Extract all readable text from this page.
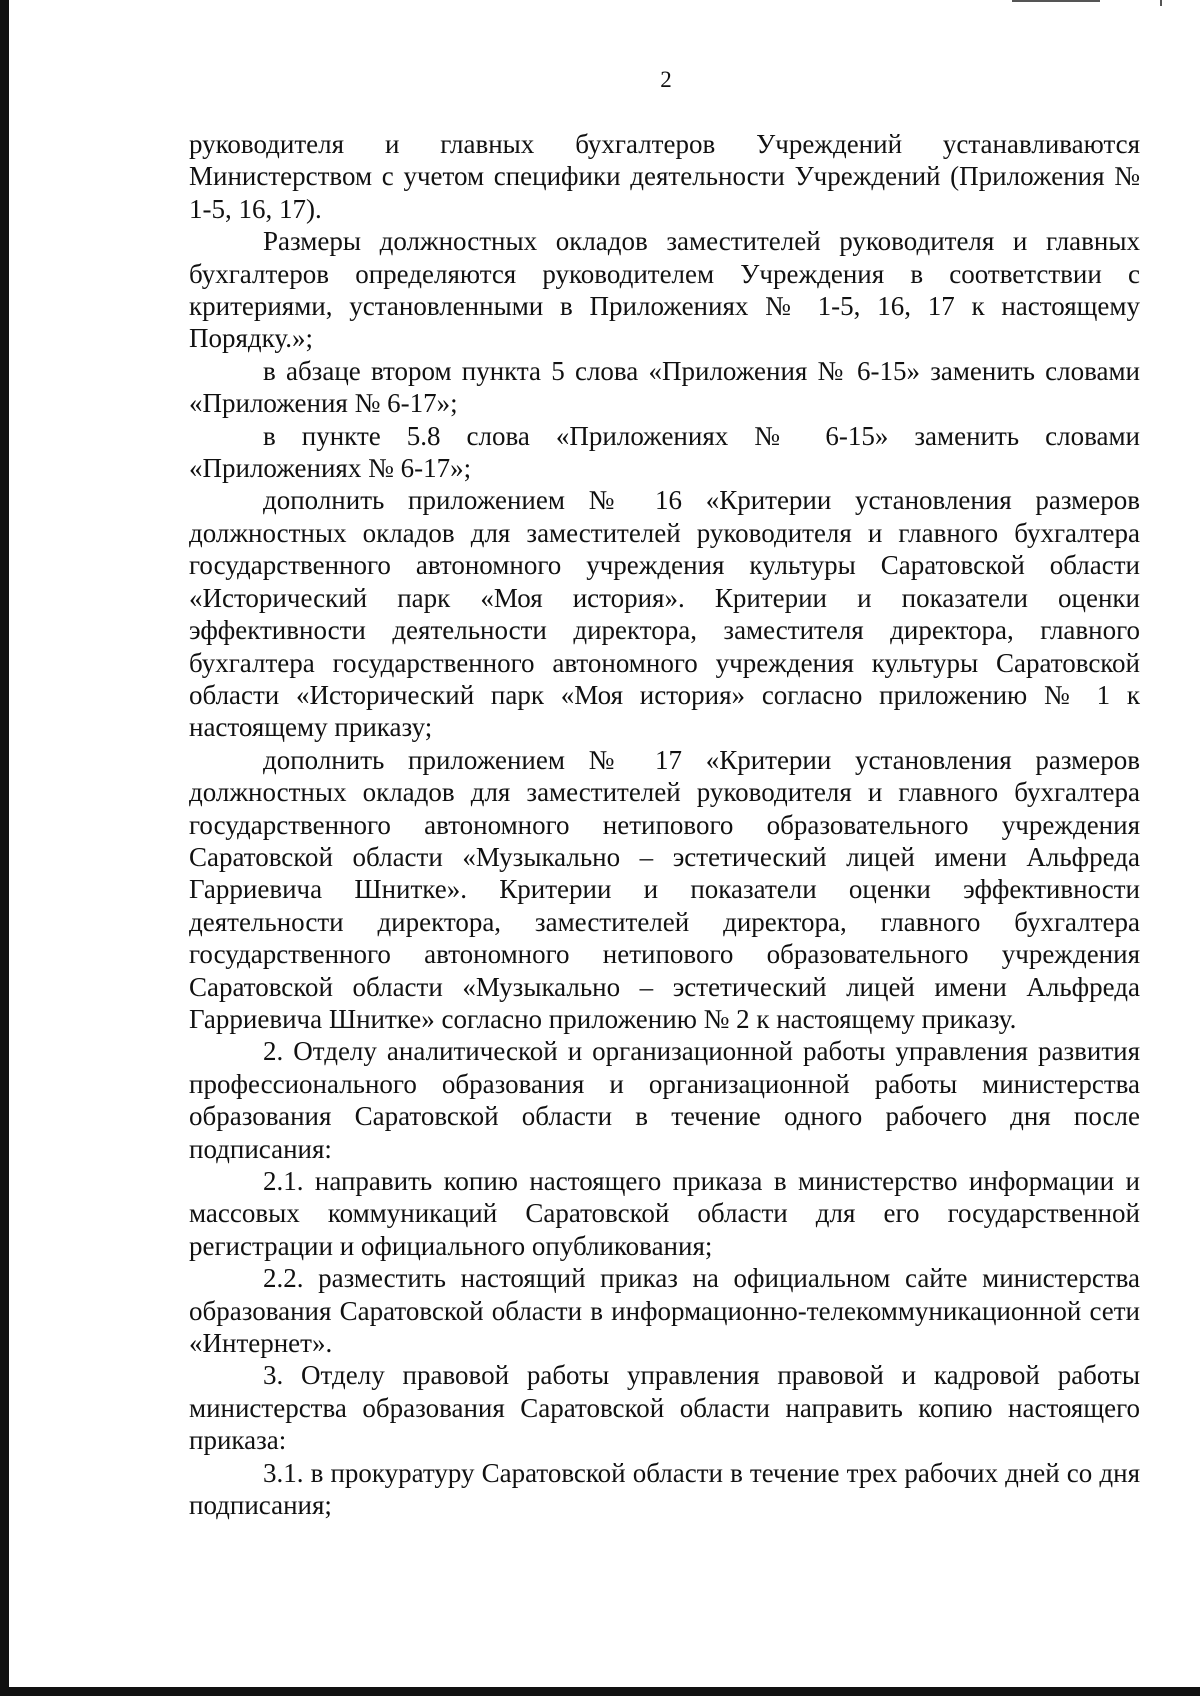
2

руководителя и главных бухгалтеров Учреждений устанавливаются Министерством с учетом специфики деятельности Учреждений (Приложения № 1-5, 16, 17).

Размеры должностных окладов заместителей руководителя и главных бухгалтеров определяются руководителем Учреждения в соответствии с критериями, установленными в Приложениях № 1-5, 16, 17 к настоящему Порядку.»;

в абзаце втором пункта 5 слова «Приложения № 6-15» заменить словами «Приложения № 6-17»;

в пункте 5.8 слова «Приложениях № 6-15» заменить словами «Приложениях № 6-17»;

дополнить приложением № 16 «Критерии установления размеров должностных окладов для заместителей руководителя и главного бухгалтера государственного автономного учреждения культуры Саратовской области «Исторический парк «Моя история». Критерии и показатели оценки эффективности деятельности директора, заместителя директора, главного бухгалтера государственного автономного учреждения культуры Саратовской области «Исторический парк «Моя история» согласно приложению № 1 к настоящему приказу;

дополнить приложением № 17 «Критерии установления размеров должностных окладов для заместителей руководителя и главного бухгалтера государственного автономного нетипового образовательного учреждения Саратовской области «Музыкально – эстетический лицей имени Альфреда Гарриевича Шнитке». Критерии и показатели оценки эффективности деятельности директора, заместителей директора, главного бухгалтера государственного автономного нетипового образовательного учреждения Саратовской области «Музыкально – эстетический лицей имени Альфреда Гарриевича Шнитке» согласно приложению № 2 к настоящему приказу.

2. Отделу аналитической и организационной работы управления развития профессионального образования и организационной работы министерства образования Саратовской области в течение одного рабочего дня после подписания:

2.1. направить копию настоящего приказа в министерство информации и массовых коммуникаций Саратовской области для его государственной регистрации и официального опубликования;

2.2. разместить настоящий приказ на официальном сайте министерства образования Саратовской области в информационно-телекоммуникационной сети «Интернет».

3. Отделу правовой работы управления правовой и кадровой работы министерства образования Саратовской области направить копию настоящего приказа:

3.1. в прокуратуру Саратовской области в течение трех рабочих дней со дня подписания;
